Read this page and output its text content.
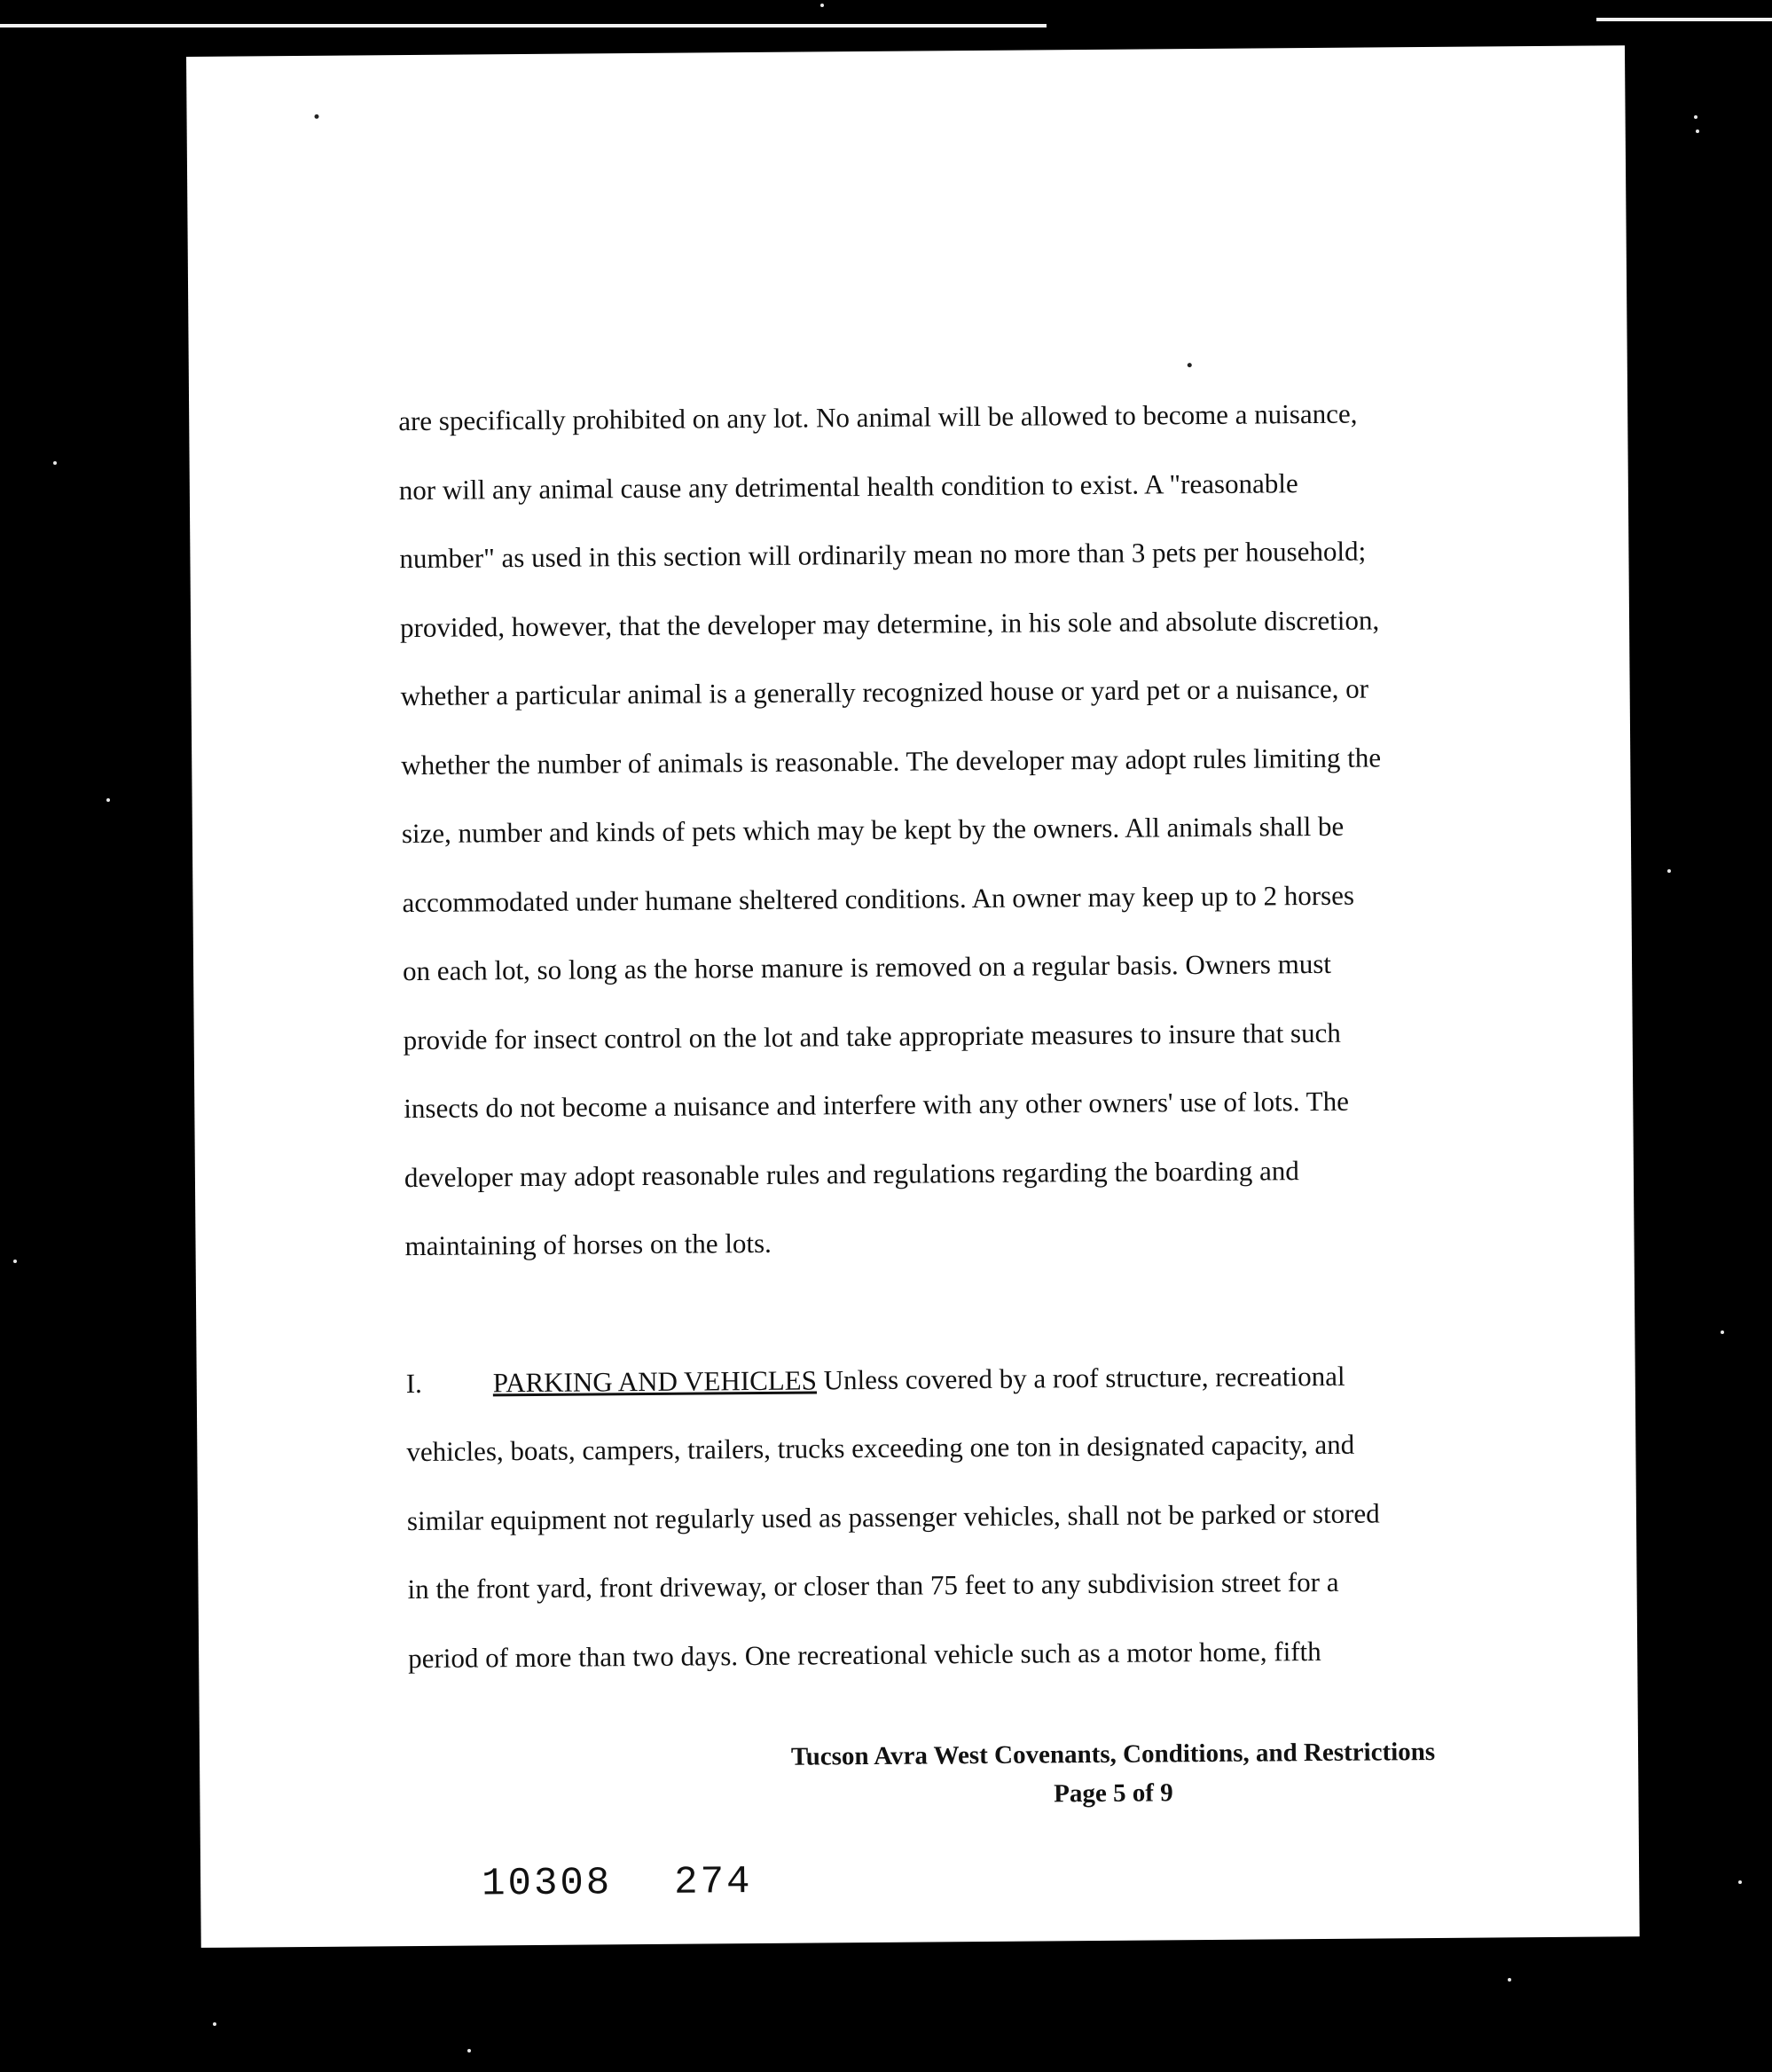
are specifically prohibited on any lot. No animal will be allowed to become a nuisance,
nor will any animal cause any detrimental health condition to exist. A "reasonable
number" as used in this section will ordinarily mean no more than 3 pets per household;
provided, however, that the developer may determine, in his sole and absolute discretion,
whether a particular animal is a generally recognized house or yard pet or a nuisance, or
whether the number of animals is reasonable. The developer may adopt rules limiting the
size, number and kinds of pets which may be kept by the owners. All animals shall be
accommodated under humane sheltered conditions. An owner may keep up to 2 horses
on each lot, so long as the horse manure is removed on a regular basis. Owners must
provide for insect control on the lot and take appropriate measures to insure that such
insects do not become a nuisance and interfere with any other owners' use of lots. The
developer may adopt reasonable rules and regulations regarding the boarding and
maintaining of horses on the lots.
I.	PARKING AND VEHICLES Unless covered by a roof structure, recreational
vehicles, boats, campers, trailers, trucks exceeding one ton in designated capacity, and
similar equipment not regularly used as passenger vehicles, shall not be parked or stored
in the front yard, front driveway, or closer than 75 feet to any subdivision street for a
period of more than two days. One recreational vehicle such as a motor home, fifth
Tucson Avra West Covenants, Conditions, and Restrictions
Page 5 of 9
10308 274
